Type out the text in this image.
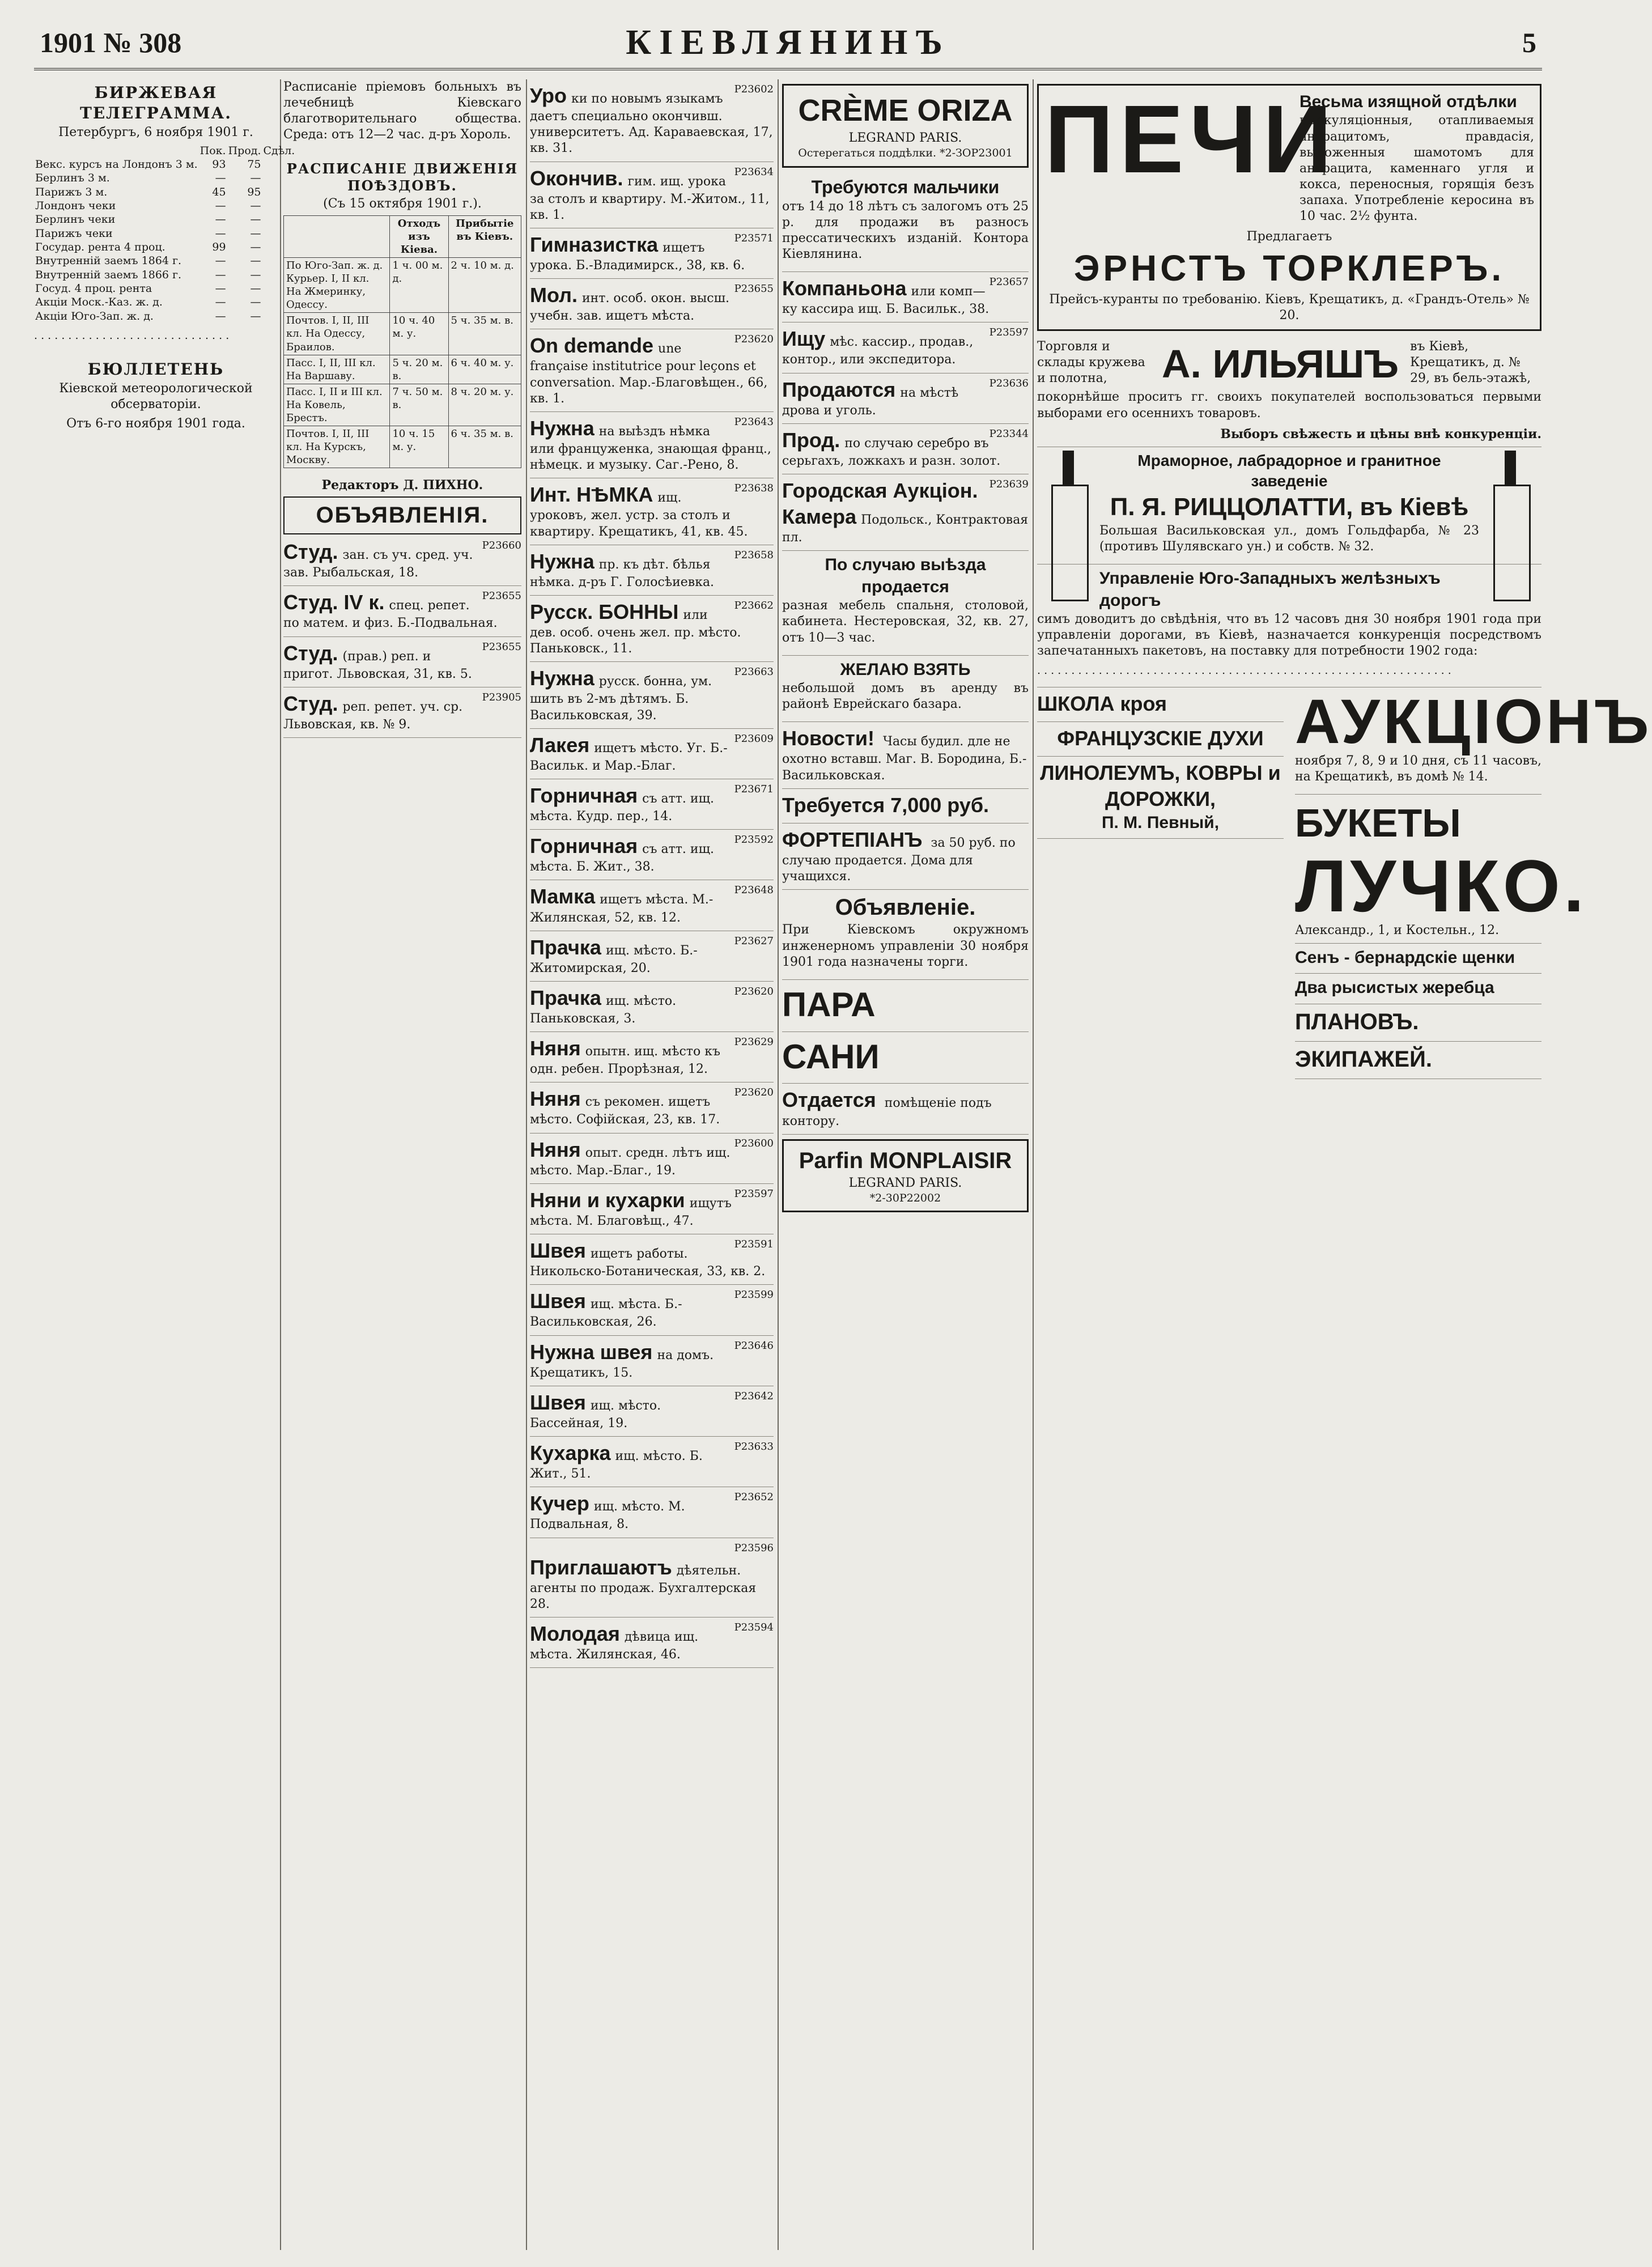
1901 № 308	КІЕВЛЯНИНЪ	5
БИРЖЕВАЯ ТЕЛЕГРАММА.
Петербургъ, 6 ноября 1901 г.
	Пок.	Прод.	Сдѣл.
Векс. курсъ на Лондонъ 3 м.	93	75	
Берлинъ 3 м.	—	—	
Парижъ 3 м.	45	95	
Лондонъ чеки	—	—	
Берлинъ чеки	—	—	
Парижъ чеки	—	—	
Государ. рента 4 проц.	99	—	
Внутренній заемъ 1864 г.	—	—	
Внутренній заемъ 1866 г.	—	—	
Госуд. 4 проц. рента	—	—	
Акціи Моск.-Каз. ж. д.	—	—	
Акціи Юго-Зап. ж. д.	—	—	

. . . . . . . . . . . . . . . . . . . . . . . . . . . . .

БЮЛЛЕТЕНЬ
Кіевской метеорологической обсерваторіи.
Отъ 6-го ноября 1901 года.

Расписаніе пріемовъ больныхъ въ лечебницѣ Кіевскаго благотворительнаго общества. Среда: отъ 12—2 час. д-ръ Хороль.

РАСПИСАНІЕ ДВИЖЕНІЯ ПОѢЗДОВЪ.
(Съ 15 октября 1901 г.).
	Отходъ изъ Кіева.	Прибытіе въ Кіевъ.
По Юго-Зап. ж. д. Курьер. I, II кл. На Жмеринку, Одессу.	1 ч. 00 м. д.	2 ч. 10 м. д.
Почтов. I, II, III кл. На Одессу, Браилов.	10 ч. 40 м. у.	5 ч. 35 м. в.
Пасс. I, II, III кл. На Варшаву.	5 ч. 20 м. в.	6 ч. 40 м. у.
Пасс. I, II и III кл. На Ковель, Брестъ.	7 ч. 50 м. в.	8 ч. 20 м. у.
Почтов. I, II, III кл. На Курскъ, Москву.	10 ч. 15 м. у.	6 ч. 35 м. в.
Редакторъ Д. ПИХНО.
ОБЪЯВЛЕНІЯ.
Р23660
Студ. зан. съ уч. сред. уч. зав. Рыбальская, 18.
Р23655
Студ. IV к. спец. репет. по матем. и физ. Б.-Подвальная.
Р23655
Студ. (прав.) реп. и пригот. Львовская, 31, кв. 5.
Р23905
Студ. реп. репет. уч. ср. Львовская, кв. № 9.
Р23602
Уро ки по новымъ языкамъ даетъ специально окончивш. университетъ. Ад. Караваевская, 17, кв. 31.
Р23634
Окончив. гим. ищ. урока за столъ и квартиру. М.-Житом., 11, кв. 1.
Р23571
Гимназистка ищетъ урока. Б.-Владимирск., 38, кв. 6.
Р23655
Мол. инт. особ. окон. высш. учебн. зав. ищетъ мѣста.
Р23620
On demande une française institutrice pour leçons et conversation. Мар.-Благовѣщен., 66, кв. 1.
Р23643
Нужна на выѣздъ нѣмка или француженка, знающая франц., нѣмецк. и музыку. Саг.-Рено, 8.
Р23638
Инт. НѢМКА ищ. уроковъ, жел. устр. за столъ и квартиру. Крещатикъ, 41, кв. 45.
Р23658
Нужна пр. къ дѣт. бѣлья нѣмка. д-ръ Г. Голосѣиевка.
Р23662
Русск. БОННЫ или дев. особ. очень жел. пр. мѣсто. Паньковск., 11.
Р23663
Нужна русск. бонна, ум. шить въ 2-мъ дѣтямъ. Б. Васильковская, 39.
Р23609
Лакея ищетъ мѣсто. Уг. Б.-Васильк. и Мар.-Благ.
Р23671
Горничная съ атт. ищ. мѣста. Кудр. пер., 14.
Р23592
Горничная съ атт. ищ. мѣста. Б. Жит., 38.
Р23648
Мамка ищетъ мѣста. М.-Жилянская, 52, кв. 12.
Р23627
Прачка ищ. мѣсто. Б.-Житомирская, 20.
Р23620
Прачка ищ. мѣсто. Паньковская, 3.
Р23629
Няня опытн. ищ. мѣсто къ одн. ребен. Прорѣзная, 12.
Р23620
Няня съ рекомен. ищетъ мѣсто. Софійская, 23, кв. 17.
Р23600
Няня опыт. средн. лѣтъ ищ. мѣсто. Мар.-Благ., 19.
Р23597
Няни и кухарки ищутъ мѣста. М. Благовѣщ., 47.
Р23591
Швея ищетъ работы. Никольско-Ботаническая, 33, кв. 2.
Р23599
Швея ищ. мѣста. Б.-Васильковская, 26.
Р23646
Нужна швея на домъ. Крещатикъ, 15.
Р23642
Швея ищ. мѣсто. Бассейная, 19.
Р23633
Кухарка ищ. мѣсто. Б. Жит., 51.
Р23652
Кучер ищ. мѣсто. М. Подвальная, 8.
Р23596
Приглашаютъ дѣятельн. агенты по продаж. Бухгалтерская 28.
Р23594
Молодая дѣвица ищ. мѣста. Жилянская, 46.
CRÈME ORIZA
LEGRAND PARIS.
Остерегаться поддѣлки. *2-ЗОР23001
Требуются мальчики

отъ 14 до 18 лѣтъ съ залогомъ отъ 25 р. для продажи въ разносъ прессатическихъ изданій. Контора Кіевлянина.

Р23657
Компаньона или комп—ку кассира ищ. Б. Васильк., 38.
Р23597
Ищу мѣс. кассир., продав., контор., или экспедитора.
Р23636
Продаются на мѣстѣ дрова и уголь.
Р23344
Прод. по случаю серебро въ серьгахъ, ложкахъ и разн. золот.
Р23639
Городская Аукціон. Камера Подольск., Контрактовая пл.
По случаю выѣзда продается

разная мебель спальня, столовой, кабинета. Нестеровская, 32, кв. 27, отъ 10—3 час.

ЖЕЛАЮ ВЗЯТЬ

небольшой домъ въ аренду въ районѣ Еврейскаго базара.

Новости! Часы будил. дле не охотно вставш. Маг. В. Бородина, Б.-Васильковская.
Требуется 7,000 руб.
ФОРТЕПІАНЪ за 50 руб. по случаю продается. Дома для учащихся.
Объявленіе.

При Кіевскомъ окружномъ инженерномъ управленіи 30 ноября 1901 года назначены торги.

ПАРА
САНИ
Отдается помѣщеніе подъ контору.
Parfin MONPLAISIR
LEGRAND PARIS.
*2-30Р22002
ПЕЧИ
Весьма изящной отдѣлки

циркуляціонныя, отапливаемыя антрацитомъ, правдасія, выложенныя шамотомъ для антрацита, каменнаго угля и кокса, переносныя, горящія безъ запаха. Употребленіе керосина въ 10 час. 2½ фунта.

Предлагаетъ
ЭРНСТЪ ТОРКЛЕРЪ.
Прейсъ-куранты по требованію. Кіевъ, Крещатикъ, д. «Грандъ-Отель» № 20.
Торговля и склады кружева и полотна,	А. ИЛЬЯШЪ въ Кіевѣ, Крещатикъ, д. № 29, въ бель-этажѣ,

покорнѣйше проситъ гг. своихъ покупателей воспользоваться первыми выборами его осеннихъ товаровъ.

Выборъ свѣжесть и цѣны внѣ конкуренціи.
Мраморное, лабрадорное и гранитное заведеніе
П. Я. РИЦЦОЛАТТИ, въ Кіевѣ

Большая Васильковская ул., домъ Гольдфарба, № 23 (противъ Шулявскаго ун.) и собств. № 32.

Управленіе Юго-Западныхъ желѣзныхъ дорогъ

симъ доводитъ до свѣдѣнія, что въ 12 часовъ дня 30 ноября 1901 года при управленіи дорогами, въ Кіевѣ, назначается конкуренція посредствомъ запечатанныхъ пакетовъ, на поставку для потребности 1902 года:

. . . . . . . . . . . . . . . . . . . . . . . . . . . . . . . . . . . . . . . . . . . . . . . . . . . . . . . . . . . . .

ШКОЛА кроя
ФРАНЦУЗСКІЕ ДУХИ
ЛИНОЛЕУМЪ, КОВРЫ и ДОРОЖКИ,
П. М. Певный,
АУКЦІОНЪ

ноября 7, 8, 9 и 10 дня, съ 11 часовъ, на Крещатикѣ, въ домѣ № 14.

БУКЕТЫ
ЛУЧКО.
Александр., 1, и Костельн., 12.
Сенъ - бернардскіе щенки
Два рысистых жеребца
ПЛАНОВЪ.
ЭКИПАЖЕЙ.
